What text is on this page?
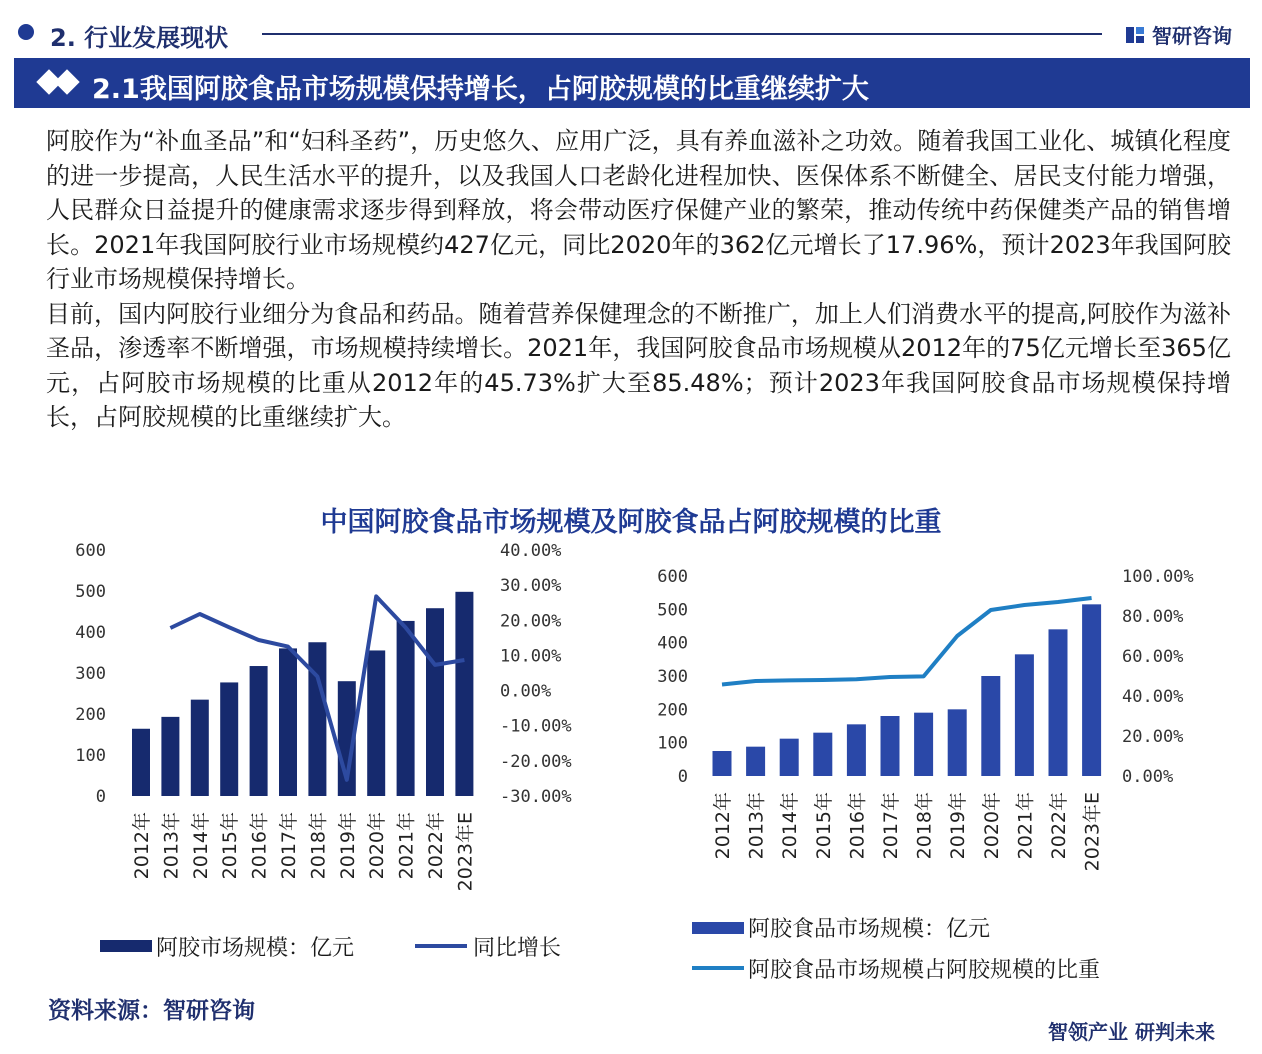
2. 行业发展现状	智研咨询
2.1我国阿胶食品市场规模保持增长，占阿胶规模的比重继续扩大

阿胶作为“补血圣品”和“妇科圣药”，历史悠久、应用广泛，具有养血滋补之功效。随着我国工业化、城镇化程度的进一步提高，人民生活水平的提升，以及我国人口老龄化进程加快、医保体系不断健全、居民支付能力增强，人民群众日益提升的健康需求逐步得到释放，将会带动医疗保健产业的繁荣，推动传统中药保健类产品的销售增长。2021年我国阿胶行业市场规模约427亿元，同比2020年的362亿元增长了17.96%，预计2023年我国阿胶行业市场规模保持增长。

目前，国内阿胶行业细分为食品和药品。随着营养保健理念的不断推广，加上人们消费水平的提高,阿胶作为滋补圣品，渗透率不断增强，市场规模持续增长。2021年，我国阿胶食品市场规模从2012年的75亿元增长至365亿元，占阿胶市场规模的比重从2012年的45.73%扩大至85.48%；预计2023年我国阿胶食品市场规模保持增长，占阿胶规模的比重继续扩大。

中国阿胶食品市场规模及阿胶食品占阿胶规模的比重
0
100
200
300
400
500
600
-30.00%
-20.00%
-10.00%
0.00%
10.00%
20.00%
30.00%
40.00%
2012年 2013年 2014年 2015年 2016年 2017年 2018年 2019年 2020年 2021年 2022年 2023年E
阿胶市场规模：亿元	同比增长
0
100
200
300
400
500
600
0.00%
20.00%
40.00%
60.00%
80.00%
100.00%
2012年 2013年 2014年 2015年 2016年 2017年 2018年 2019年 2020年 2021年 2022年 2023年E
阿胶食品市场规模：亿元
阿胶食品市场规模占阿胶规模的比重
资料来源：智研咨询
智领产业 研判未来
